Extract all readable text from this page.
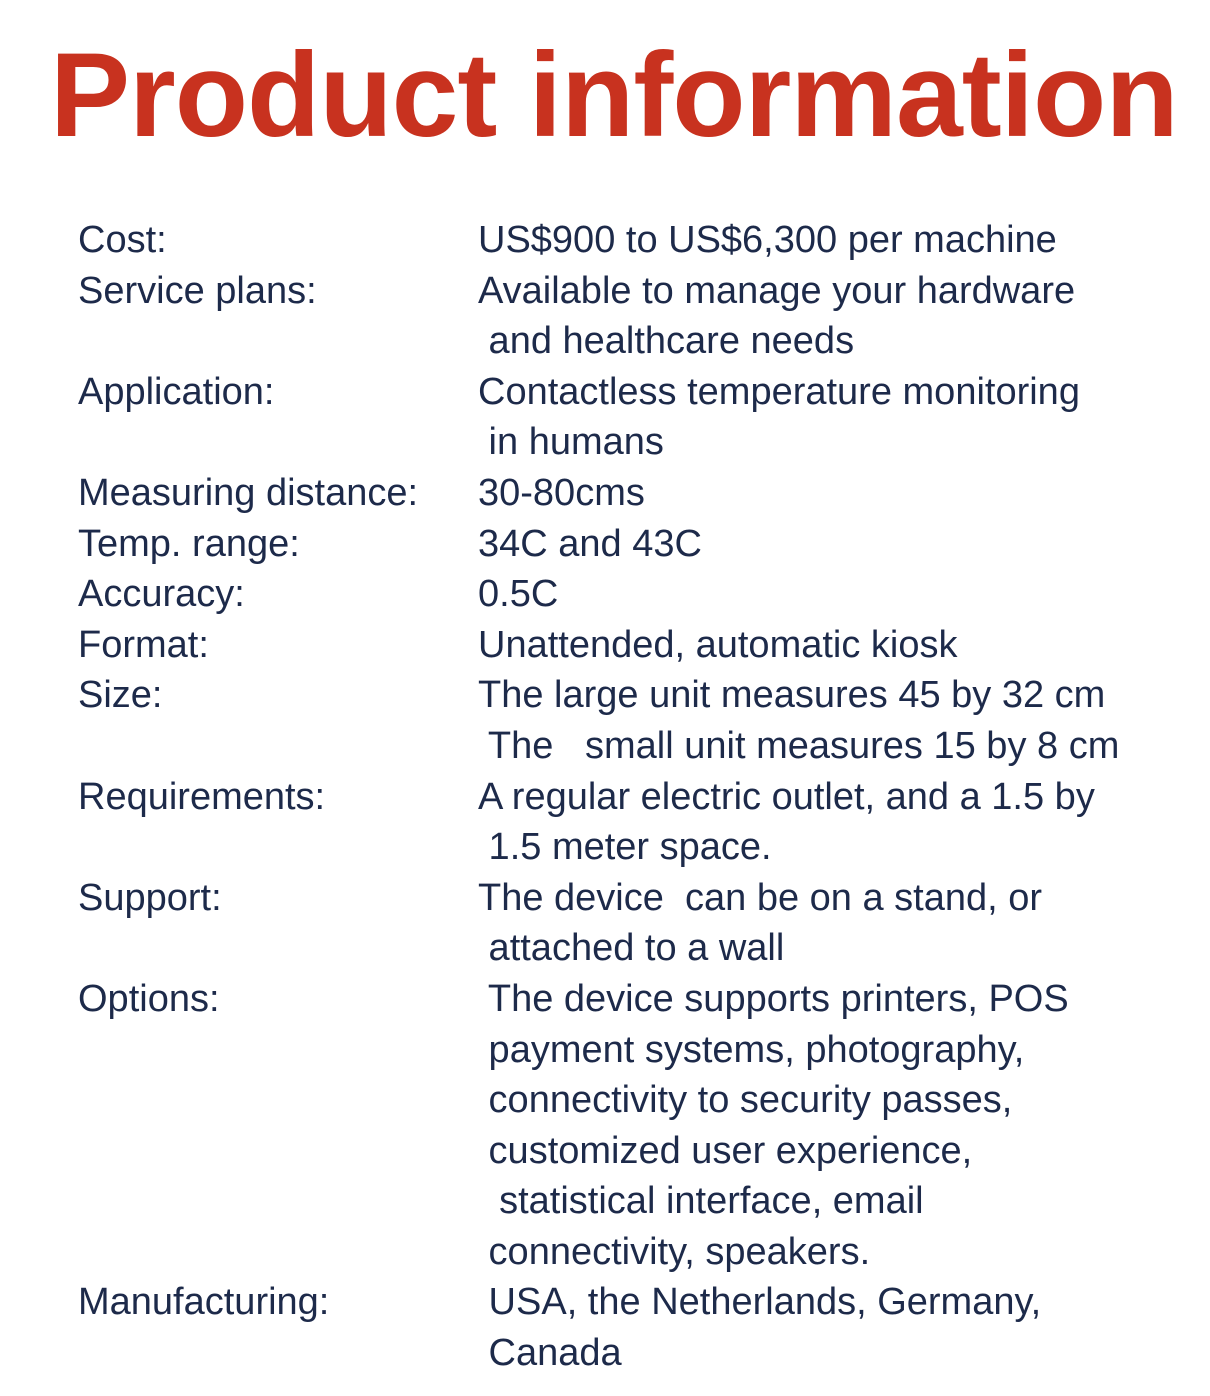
Product information
Cost:	US$900 to US$6,300 per machine
Service plans:	Available to manage your hardware
and healthcare needs
Application:	Contactless temperature monitoring
in humans
Measuring distance:	30-80cms
Temp. range:	34C and 43C
Accuracy:	0.5C
Format:	Unattended, automatic kiosk
Size:	The large unit measures 45 by 32 cm
The   small unit measures 15 by 8 cm
Requirements:	A regular electric outlet, and a 1.5 by
1.5 meter space.
Support:	The device  can be on a stand, or
attached to a wall
Options:	The device supports printers, POS
payment systems, photography,
connectivity to security passes,
customized user experience,
statistical interface, email
connectivity, speakers.
Manufacturing:	USA, the Netherlands, Germany,
Canada
